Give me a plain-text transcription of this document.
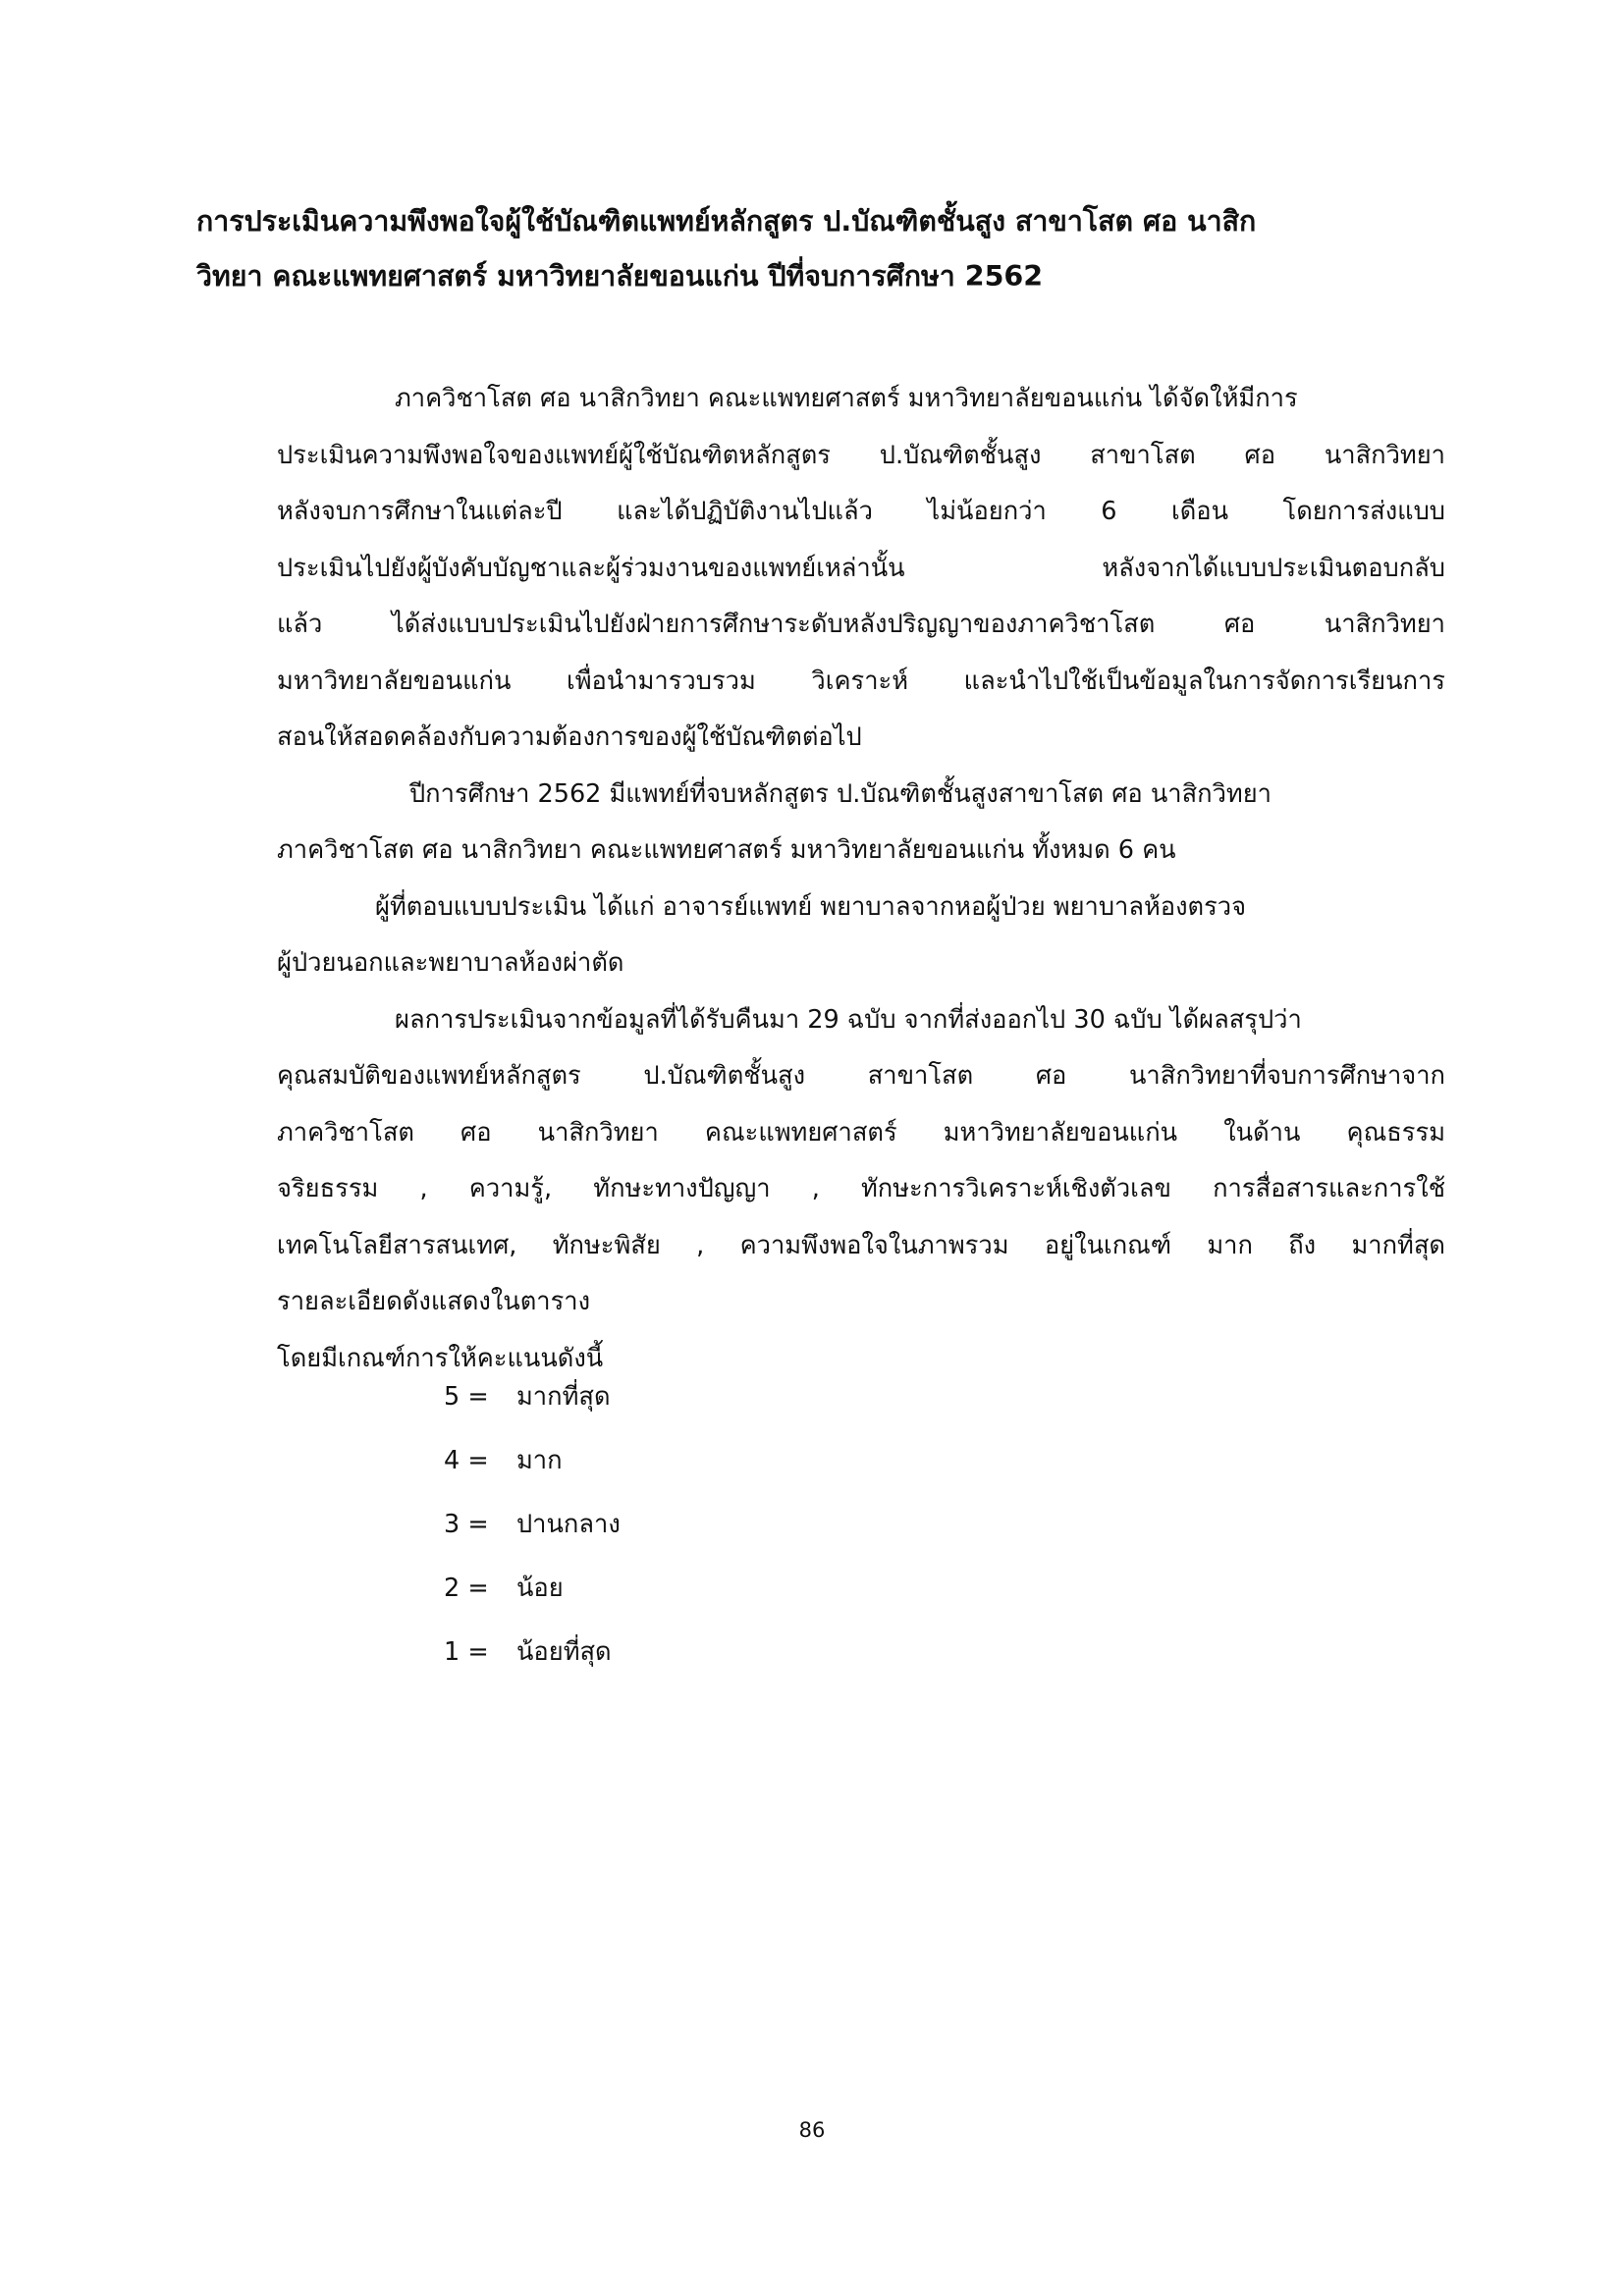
การประเมินความพึงพอใจผู้ใช้บัณฑิตแพทย์หลักสูตร ป.บัณฑิตชั้นสูง สาขาโสต ศอ นาสิก
วิทยา คณะแพทยศาสตร์ มหาวิทยาลัยขอนแก่น ปีที่จบการศึกษา 2562
ภาควิชาโสต ศอ นาสิกวิทยา คณะแพทยศาสตร์ มหาวิทยาลัยขอนแก่น ได้จัดให้มีการ
ประเมินความพึงพอใจของแพทย์ผู้ใช้บัณฑิตหลักสูตร ป.บัณฑิตชั้นสูง สาขาโสต ศอ นาสิกวิทยา
หลังจบการศึกษาในแต่ละปี และได้ปฏิบัติงานไปแล้ว ไม่น้อยกว่า 6 เดือน โดยการส่งแบบ
ประเมินไปยังผู้บังคับบัญชาและผู้ร่วมงานของแพทย์เหล่านั้น หลังจากได้แบบประเมินตอบกลับ
แล้ว ได้ส่งแบบประเมินไปยังฝ่ายการศึกษาระดับหลังปริญญาของภาควิชาโสต ศอ นาสิกวิทยา
มหาวิทยาลัยขอนแก่น เพื่อนำมารวบรวม วิเคราะห์ และนำไปใช้เป็นข้อมูลในการจัดการเรียนการ
สอนให้สอดคล้องกับความต้องการของผู้ใช้บัณฑิตต่อไป
ปีการศึกษา 2562 มีแพทย์ที่จบหลักสูตร ป.บัณฑิตชั้นสูงสาขาโสต ศอ นาสิกวิทยา
ภาควิชาโสต ศอ นาสิกวิทยา คณะแพทยศาสตร์ มหาวิทยาลัยขอนแก่น ทั้งหมด 6 คน
ผู้ที่ตอบแบบประเมิน ได้แก่ อาจารย์แพทย์ พยาบาลจากหอผู้ป่วย พยาบาลห้องตรวจ
ผู้ป่วยนอกและพยาบาลห้องผ่าตัด
ผลการประเมินจากข้อมูลที่ได้รับคืนมา 29 ฉบับ จากที่ส่งออกไป 30 ฉบับ ได้ผลสรุปว่า
คุณสมบัติของแพทย์หลักสูตร ป.บัณฑิตชั้นสูง สาขาโสต ศอ นาสิกวิทยาที่จบการศึกษาจาก
ภาควิชาโสต ศอ นาสิกวิทยา คณะแพทยศาสตร์ มหาวิทยาลัยขอนแก่น ในด้าน คุณธรรม
จริยธรรม , ความรู้, ทักษะทางปัญญา , ทักษะการวิเคราะห์เชิงตัวเลข การสื่อสารและการใช้
เทคโนโลยีสารสนเทศ, ทักษะพิสัย , ความพึงพอใจในภาพรวม อยู่ในเกณฑ์ มาก ถึง มากที่สุด
รายละเอียดดังแสดงในตาราง
โดยมีเกณฑ์การให้คะแนนดังนี้
5 =	มากที่สุด
4 =	มาก
3 =	ปานกลาง
2 =	น้อย
1 =	น้อยที่สุด
86
